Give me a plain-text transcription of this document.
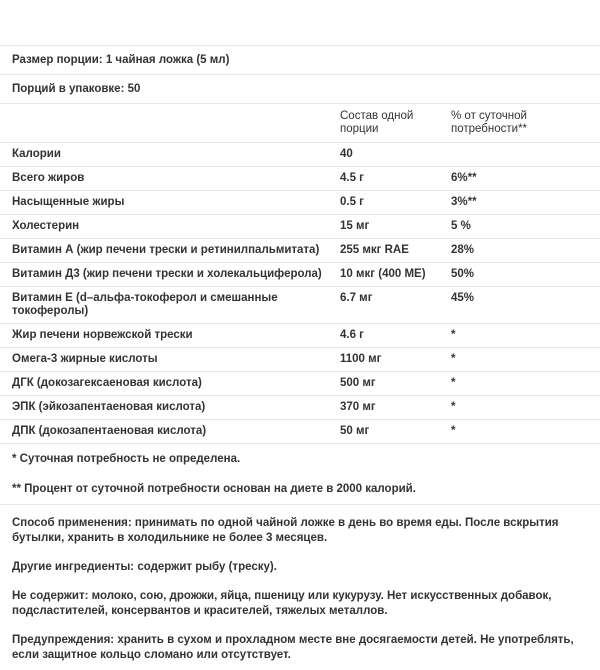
Размер порции: 1 чайная ложка (5 мл)
Порций в упаковке: 50
	Состав одной порции	% от суточной потребности**
Калории	40	
Всего жиров	4.5 г	6%**
Насыщенные жиры	0.5 г	3%**
Холестерин	15 мг	5 %
Витамин А (жир печени трески и ретинилпальмитата)	255 мкг RAE	28%
Витамин Д3 (жир печени трески и холекальциферола)	10 мкг (400 МЕ)	50%
Витамин Е (d–альфа-токоферол и смешанные токоферолы)	6.7 мг	45%
Жир печени норвежской трески	4.6 г	*
Омега-3 жирные кислоты	1100 мг	*
ДГК (докозагексаеновая кислота)	500 мг	*
ЭПК (эйкозапентаеновая кислота)	370 мг	*
ДПК (докозапентаеновая кислота)	50 мг	*
* Суточная потребность не определена.
** Процент от суточной потребности основан на диете в 2000 калорий.
Способ применения: принимать по одной чайной ложке в день во время еды. После вскрытия бутылки, хранить в холодильнике не более 3 месяцев.
Другие ингредиенты: содержит рыбу (треску).
Не содержит: молоко, сою, дрожжи, яйца, пшеницу или кукурузу. Нет искусственных добавок, подсластителей, консервантов и красителей, тяжелых металлов.
Предупреждения: хранить в сухом и прохладном месте вне досягаемости детей. Не употреблять, если защитное кольцо сломано или отсутствует.
